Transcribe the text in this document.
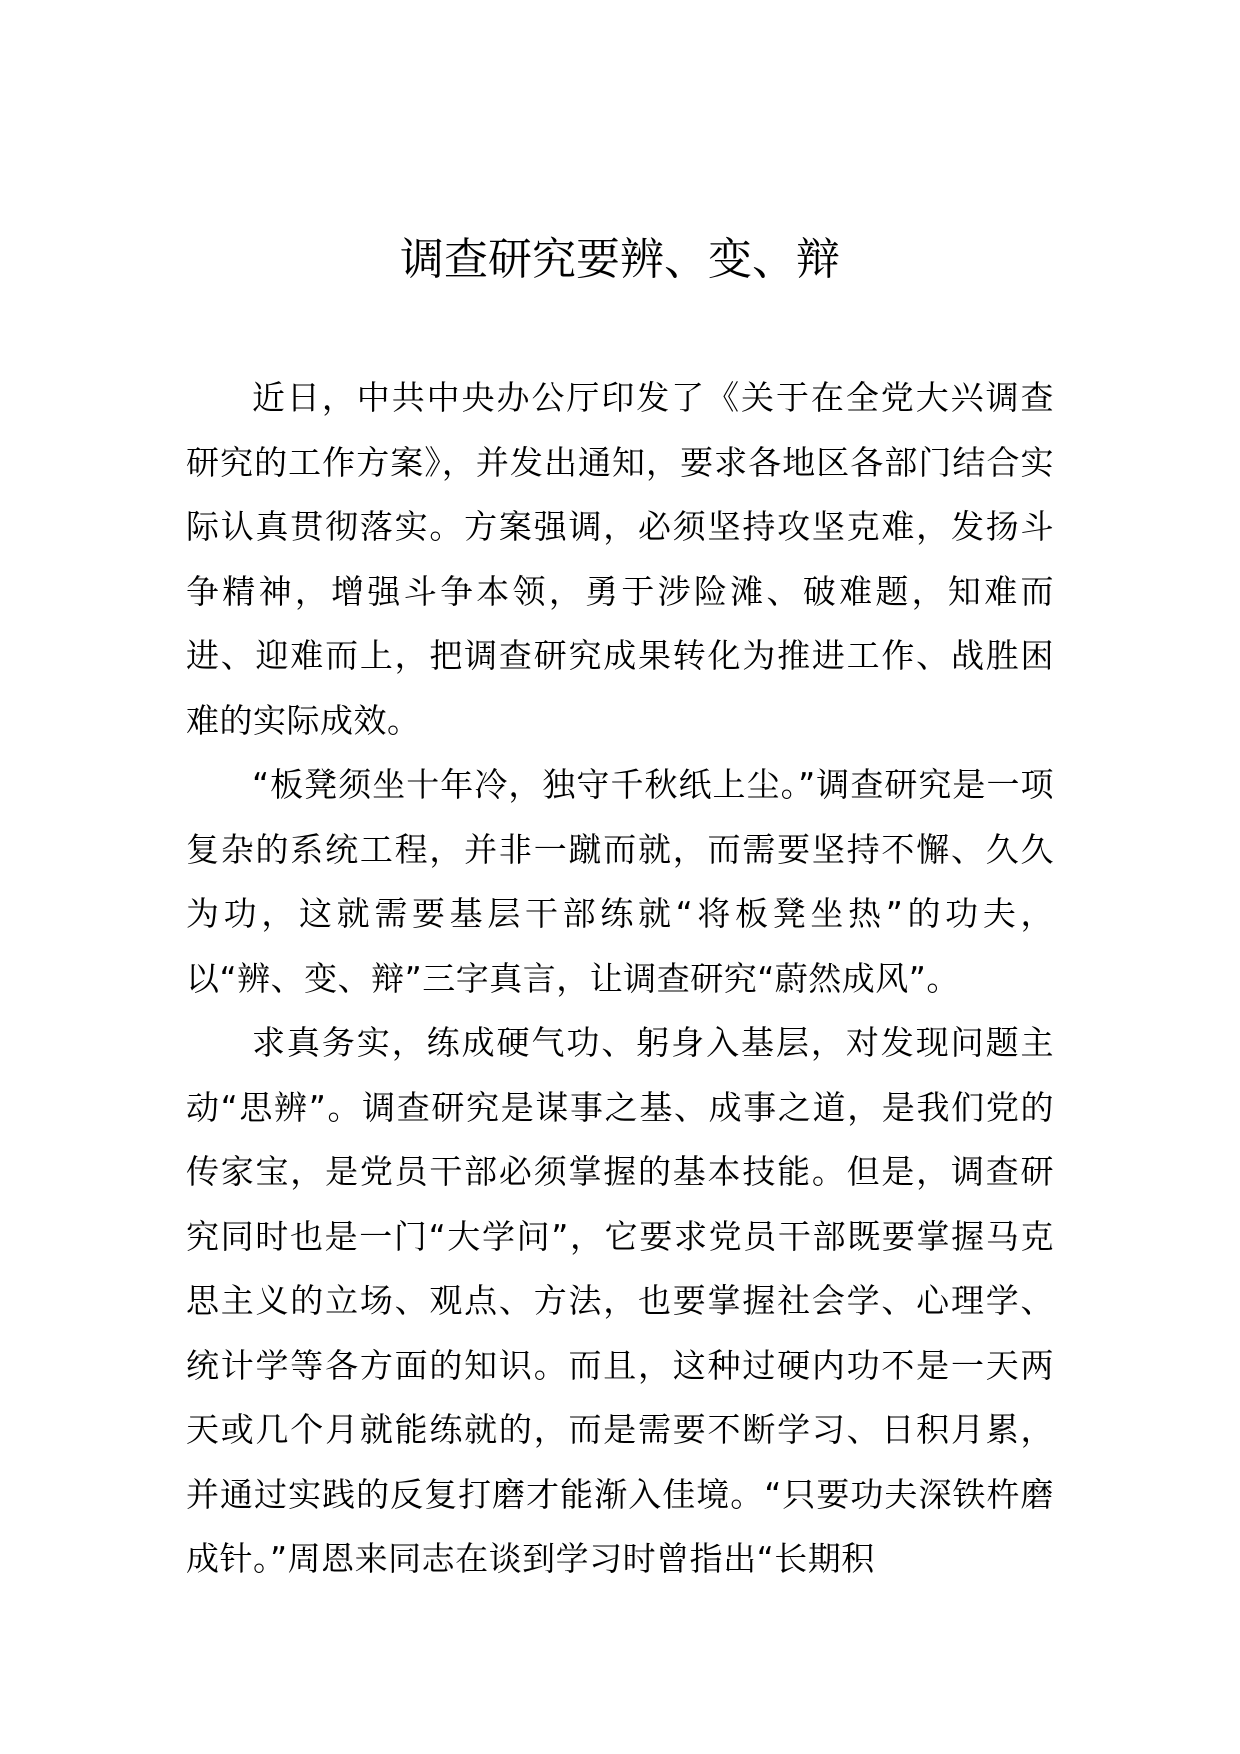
调查研究要辨、变、辩

近日，中共中央办公厅印发了《关于在全党大兴调查研究的工作方案》，并发出通知，要求各地区各部门结合实际认真贯彻落实。方案强调，必须坚持攻坚克难，发扬斗争精神，增强斗争本领，勇于涉险滩、破难题，知难而进、迎难而上，把调查研究成果转化为推进工作、战胜困难的实际成效。

“板凳须坐十年冷，独守千秋纸上尘。”调查研究是一项复杂的系统工程，并非一蹴而就，而需要坚持不懈、久久为功，这就需要基层干部练就“将板凳坐热”的功夫，以“辨、变、辩”三字真言，让调查研究“蔚然成风”。

求真务实，练成硬气功、躬身入基层，对发现问题主动“思辨”。调查研究是谋事之基、成事之道，是我们党的传家宝，是党员干部必须掌握的基本技能。但是，调查研究同时也是一门“大学问”，它要求党员干部既要掌握马克思主义的立场、观点、方法，也要掌握社会学、心理学、统计学等各方面的知识。而且，这种过硬内功不是一天两天或几个月就能练就的，而是需要不断学习、日积月累，并通过实践的反复打磨才能渐入佳境。“只要功夫深铁杵磨成针。”周恩来同志在谈到学习时曾指出“长期积
